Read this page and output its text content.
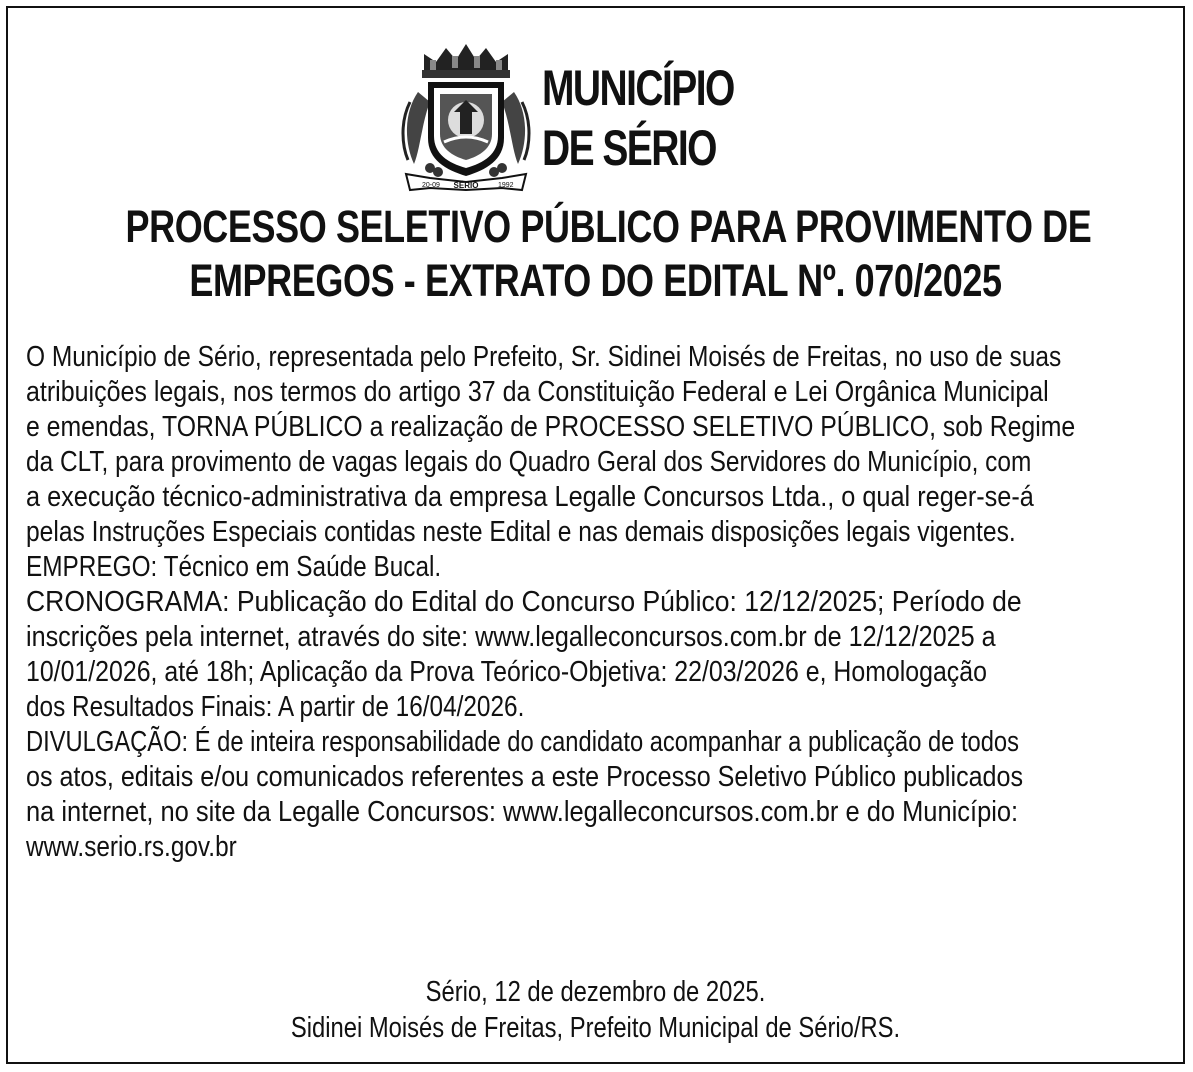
20-09 SÉRIO	1992
MUNICÍPIO
DE SÉRIO
PROCESSO SELETIVO PÚBLICO PARA PROVIMENTO DE
EMPREGOS - EXTRATO DO EDITAL Nº. 070/2025
O Município de Sério, representada pelo Prefeito, Sr. Sidinei Moisés de Freitas, no uso de suas
atribuições legais, nos termos do artigo 37 da Constituição Federal e Lei Orgânica Municipal
e emendas, TORNA PÚBLICO a realização de PROCESSO SELETIVO PÚBLICO, sob Regime
da CLT, para provimento de vagas legais do Quadro Geral dos Servidores do Município, com
a execução técnico-administrativa da empresa Legalle Concursos Ltda., o qual reger-se-á
pelas Instruções Especiais contidas neste Edital e nas demais disposições legais vigentes.
EMPREGO: Técnico em Saúde Bucal.
CRONOGRAMA: Publicação do Edital do Concurso Público: 12/12/2025; Período de
inscrições pela internet, através do site: www.legalleconcursos.com.br de 12/12/2025 a
10/01/2026, até 18h; Aplicação da Prova Teórico-Objetiva: 22/03/2026 e, Homologação
dos Resultados Finais: A partir de 16/04/2026.
DIVULGAÇÃO: É de inteira responsabilidade do candidato acompanhar a publicação de todos
os atos, editais e/ou comunicados referentes a este Processo Seletivo Público publicados
na internet, no site da Legalle Concursos: www.legalleconcursos.com.br e do Município:
www.serio.rs.gov.br
Sério, 12 de dezembro de 2025.
Sidinei Moisés de Freitas, Prefeito Municipal de Sério/RS.
